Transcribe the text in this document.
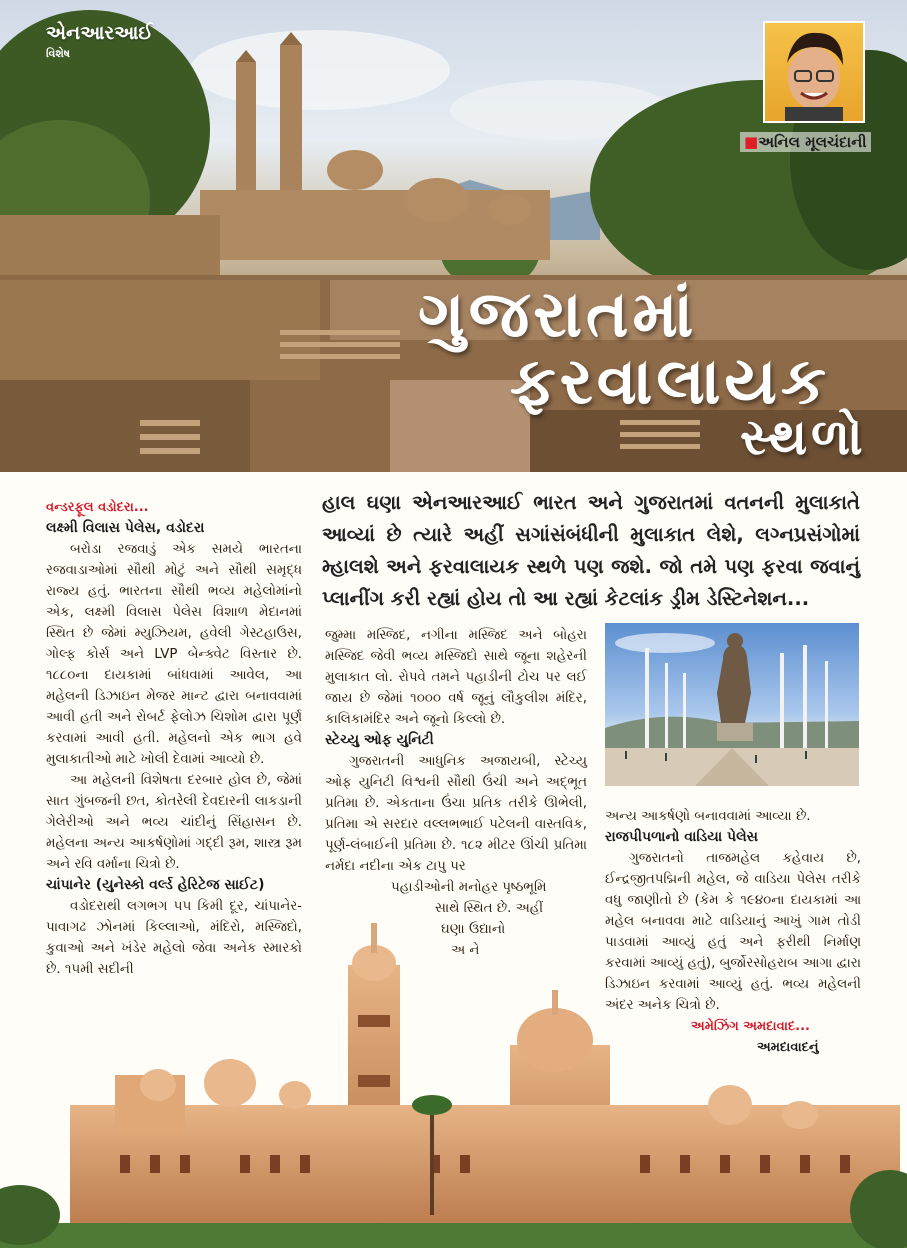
એનઆરઆઈ
વિશેષ
■અનિલ મૂલચંદાની
ગુજરાતમાં
ફરવાલાયક
સ્થળો
હાલ ઘણા એનઆરઆઈ ભારત અને ગુજરાતમાં વતનની મુલાકાતે આવ્યાં છે ત્યારે અહીં સગાંસંબંધીની મુલાકાત લેશે, લગ્નપ્રસંગોમાં મ્હાલશે અને ફરવાલાયક સ્થળે પણ જશે. જો તમે પણ ફરવા જવાનું પ્લાનીંગ કરી રહ્યાં હોય તો આ રહ્યાં કેટલાંક ડ્રીમ ડેસ્ટિનેશન...
વન્ડરફૂલ વડોદરા...
લક્ષ્મી વિલાસ પેલેસ, વડોદરા

બરોડા રજવાડું એક સમયે ભારતના રજવાડાઓમાં સૌથી મોટું અને સૌથી સમૃદ્ધ રાજ્ય હતું. ભારતના સૌથી ભવ્ય મહેલોમાંનો એક, લક્ષ્મી વિલાસ પેલેસ વિશાળ મેદાનમાં સ્થિત છે જેમાં મ્યુઝિયમ, હવેલી ગેસ્ટહાઉસ, ગોલ્ફ કોર્સ અને LVP બેન્ક્વેટ વિસ્તાર છે. ૧૮૮૦ના દાયકામાં બાંધવામાં આવેલ, આ મહેલની ડિઝાઇન મેજર માન્ટ દ્વારા બનાવવામાં આવી હતી અને રોબર્ટ ફેલોઝ ચિશોમ દ્વારા પૂર્ણ કરવામાં આવી હતી. મહેલનો એક ભાગ હવે મુલાકાતીઓ માટે ખોલી દેવામાં આવ્યો છે.

આ મહેલની વિશેષતા દરબાર હોલ છે, જેમાં સાત ગુંબજની છત, કોતરેલી દેવદારની લાકડાની ગેલેરીઓ અને ભવ્ય ચાંદીનું સિંહાસન છે. મહેલના અન્ય આકર્ષણોમાં ગદ્દી રૂમ, શાસ્ત્ર રૂમ અને રવિ વર્માના ચિત્રો છે.

ચાંપાનેર (યુનેસ્કો વર્લ્ડ હેરિટેજ સાઈટ)

વડોદરાથી લગભગ ૫૫ કિમી દૂર, ચાંપાનેર-પાવાગઢ ઝોનમાં કિલ્લાઓ, મંદિરો, મસ્જિદો, કુવાઓ અને ખંડેર મહેલો જેવા અનેક સ્મારકો છે. ૧૫મી સદીની

જુમ્મા મસ્જિદ, નગીના મસ્જિદ અને બોહરા મસ્જિદ જેવી ભવ્ય મસ્જિદો સાથે જૂના શહેરની મુલાકાત લો. રોપવે તમને પહાડીની ટોચ પર લઈ જાય છે જેમાં ૧૦૦૦ વર્ષ જૂનું લૌકુલીશ મંદિર, કાલિકામંદિર અને જૂનો કિલ્લો છે.

સ્ટેચ્યુ ઓફ યુનિટી

ગુજરાતની આધુનિક અજાયબી, સ્ટેચ્યુ ઓફ યુનિટી વિશ્વની સૌથી ઉંચી અને અદ્ભૂત પ્રતિમા છે. એકતાના ઉંચા પ્રતિક તરીકે ઊભેલી, પ્રતિમા એ સરદાર વલ્લભભાઈ પટેલની વાસ્તવિક, પૂર્ણ-લંબાઈની પ્રતિમા છે. ૧૮૨ મીટર ઊંચી પ્રતિમા નર્મદા નદીના એક ટાપુ પર

પહાડીઓની મનોહર પૃષ્ઠભૂમિ
સાથે સ્થિત છે. અહીં
ઘણા ઉદ્યાનો
અ ને
અન્ય આકર્ષણો બનાવવામાં આવ્યા છે.
રાજપીપળાનો વાડિયા પેલેસ

ગુજરાતનો તાજમહેલ કહેવાય છે, ઈન્દ્રજીતપદ્મિની મહેલ, જે વાડિયા પેલેસ તરીકે વધુ જાણીતો છે (કેમ કે ૧૯૪૦ના દાયકામાં આ મહેલ બનાવવા માટે વાડિયાનું આખું ગામ તોડી પાડવામાં આવ્યું હતું અને ફરીથી નિર્માણ કરવામાં આવ્યું હતું), બુર્જોરસોહરાબ આગા દ્વારા ડિઝાઇન કરવામાં આવ્યું હતું. ભવ્ય મહેલની અંદર અનેક ચિત્રો છે.

અમેઝિંગ અમદાવાદ...
અમદાવાદનું
